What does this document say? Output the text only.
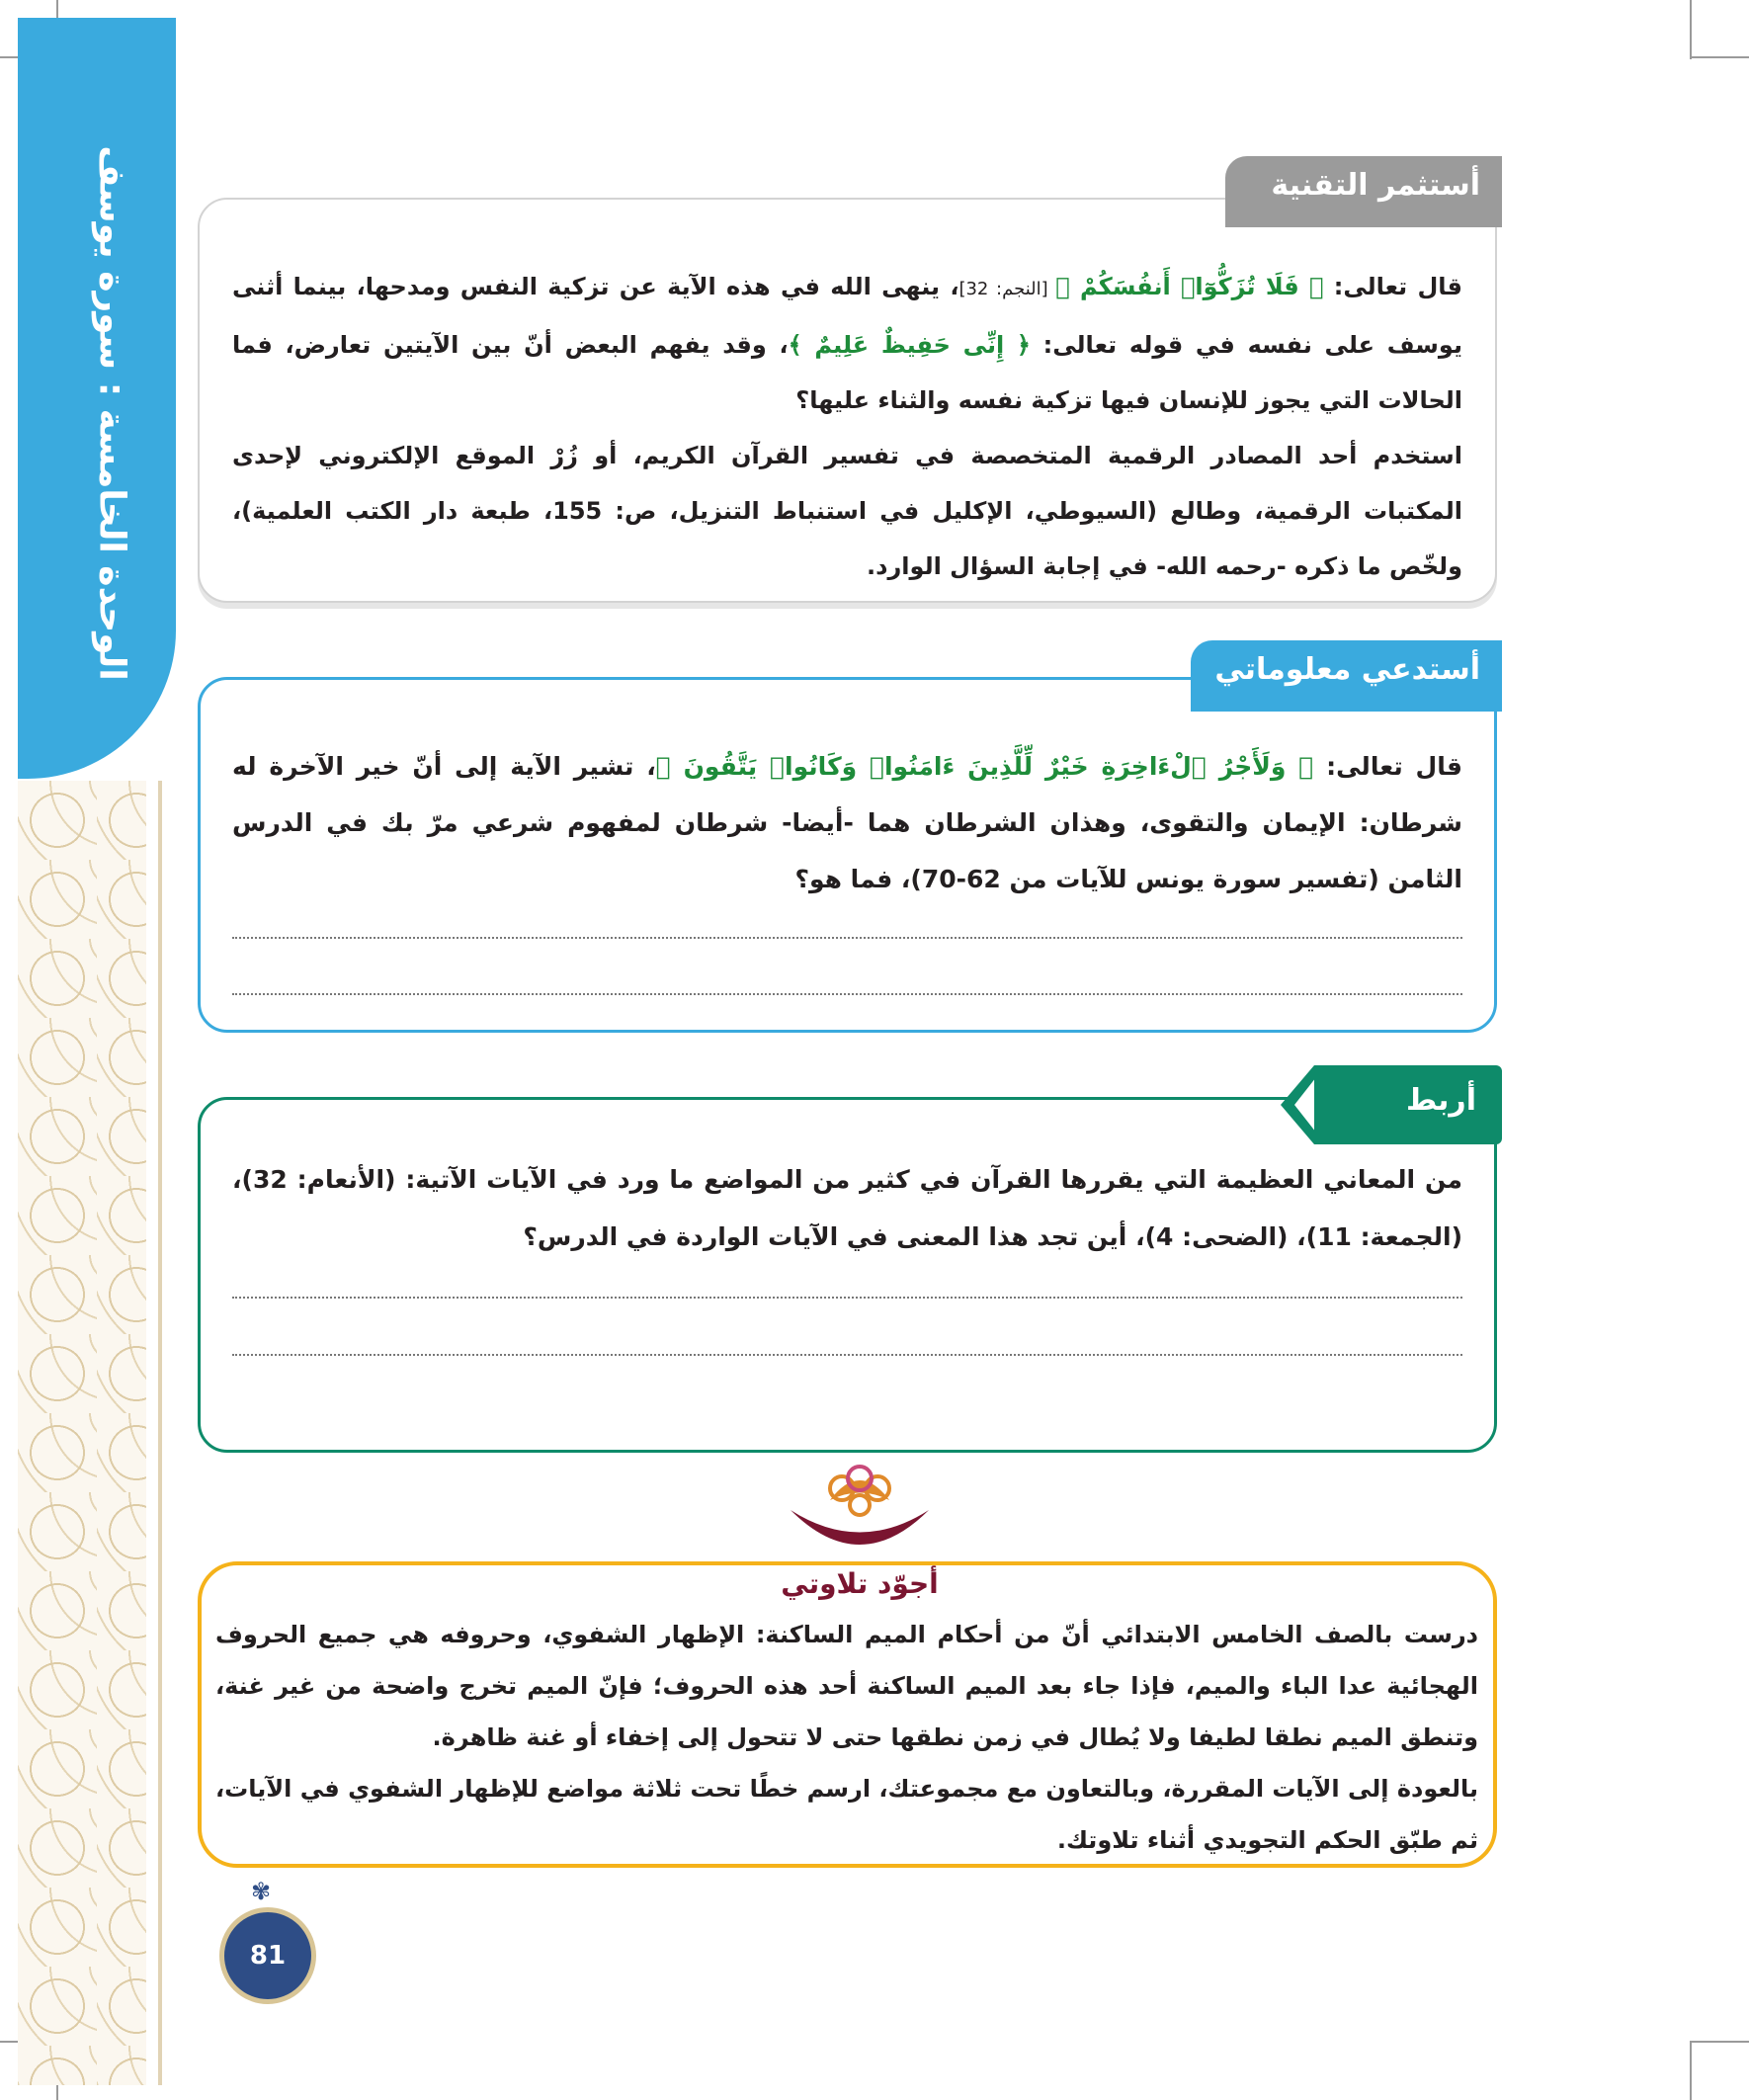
الوحدة الخامسة : سورة يوسف	أستثمر التقنية

قال تعالى: ﴿ فَلَا تُزَكُّوٓا۟ أَنفُسَكُمْ ﴾ [النجم: 32]، ينهى الله في هذه الآية عن تزكية النفس ومدحها، بينما أثنى يوسف على نفسه في قوله تعالى: ﴿ إِنِّى حَفِيظٌ عَلِيمٌ ﴾، وقد يفهم البعض أنّ بين الآيتين تعارض، فما الحالات التي يجوز للإنسان فيها تزكية نفسه والثناء عليها؟

استخدم أحد المصادر الرقمية المتخصصة في تفسير القرآن الكريم، أو زُرْ الموقع الإلكتروني لإحدى المكتبات الرقمية، وطالع (السيوطي، الإكليل في استنباط التنزيل، ص: 155، طبعة دار الكتب العلمية)، ولخّص ما ذكره -رحمه الله- في إجابة السؤال الوارد.

أستدعي معلوماتي

قال تعالى: ﴿ وَلَأَجْرُ ٱلْءَاخِرَةِ خَيْرٌ لِّلَّذِينَ ءَامَنُوا۟ وَكَانُوا۟ يَتَّقُونَ ﴾، تشير الآية إلى أنّ خير الآخرة له شرطان: الإيمان والتقوى، وهذان الشرطان هما -أيضا- شرطان لمفهوم شرعي مرّ بك في الدرس الثامن (تفسير سورة يونس للآيات من 62-70)، فما هو؟

أربط

من المعاني العظيمة التي يقررها القرآن في كثير من المواضع ما ورد في الآيات الآتية: (الأنعام: 32)، (الجمعة: 11)، (الضحى: 4)، أين تجد هذا المعنى في الآيات الواردة في الدرس؟

أجوّد تلاوتي

درست بالصف الخامس الابتدائي أنّ من أحكام الميم الساكنة: الإظهار الشفوي، وحروفه هي جميع الحروف الهجائية عدا الباء والميم، فإذا جاء بعد الميم الساكنة أحد هذه الحروف؛ فإنّ الميم تخرج واضحة من غير غنة، وتنطق الميم نطقا لطيفا ولا يُطال في زمن نطقها حتى لا تتحول إلى إخفاء أو غنة ظاهرة.

بالعودة إلى الآيات المقررة، وبالتعاون مع مجموعتك، ارسم خطًا تحت ثلاثة مواضع للإظهار الشفوي في الآيات، ثم طبّق الحكم التجويدي أثناء تلاوتك.

✾
81
